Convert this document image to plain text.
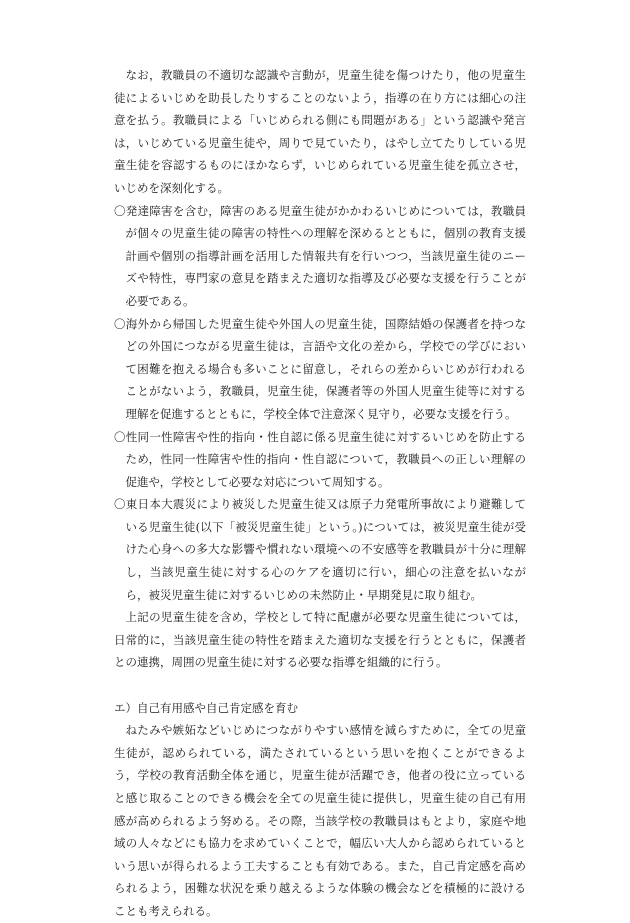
なお，教職員の不適切な認識や言動が，児童生徒を傷つけたり，他の児童生徒によるいじめを助長したりすることのないよう，指導の在り方には細心の注意を払う。教職員による「いじめられる側にも問題がある」という認識や発言は，いじめている児童生徒や，周りで見ていたり，はやし立てたりしている児童生徒を容認するものにほかならず，いじめられている児童生徒を孤立させ，いじめを深刻化する。

〇発達障害を含む，障害のある児童生徒がかかわるいじめについては，教職員が個々の児童生徒の障害の特性への理解を深めるとともに，個別の教育支援計画や個別の指導計画を活用した情報共有を行いつつ，当該児童生徒のニーズや特性，専門家の意見を踏まえた適切な指導及び必要な支援を行うことが必要である。

〇海外から帰国した児童生徒や外国人の児童生徒，国際結婚の保護者を持つなどの外国につながる児童生徒は，言語や文化の差から，学校での学びにおいて困難を抱える場合も多いことに留意し，それらの差からいじめが行われることがないよう，教職員，児童生徒，保護者等の外国人児童生徒等に対する理解を促進するとともに，学校全体で注意深く見守り，必要な支援を行う。

〇性同一性障害や性的指向・性自認に係る児童生徒に対するいじめを防止するため，性同一性障害や性的指向・性自認について，教職員への正しい理解の促進や，学校として必要な対応について周知する。

〇東日本大震災により被災した児童生徒又は原子力発電所事故により避難している児童生徒(以下「被災児童生徒」という。)については，被災児童生徒が受けた心身への多大な影響や慣れない環境への不安感等を教職員が十分に理解し，当該児童生徒に対する心のケアを適切に行い，細心の注意を払いながら，被災児童生徒に対するいじめの未然防止・早期発見に取り組む。

上記の児童生徒を含め，学校として特に配慮が必要な児童生徒については，日常的に，当該児童生徒の特性を踏まえた適切な支援を行うとともに，保護者との連携，周囲の児童生徒に対する必要な指導を組織的に行う。

エ）自己有用感や自己肯定感を育む

ねたみや嫉妬などいじめにつながりやすい感情を減らすために，全ての児童生徒が，認められている，満たされているという思いを抱くことができるよう，学校の教育活動全体を通じ，児童生徒が活躍でき，他者の役に立っていると感じ取ることのできる機会を全ての児童生徒に提供し，児童生徒の自己有用感が高められるよう努める。その際，当該学校の教職員はもとより，家庭や地域の人々などにも協力を求めていくことで，幅広い大人から認められているという思いが得られるよう工夫することも有効である。また，自己肯定感を高められるよう，困難な状況を乗り越えるような体験の機会などを積極的に設けることも考えられる。
